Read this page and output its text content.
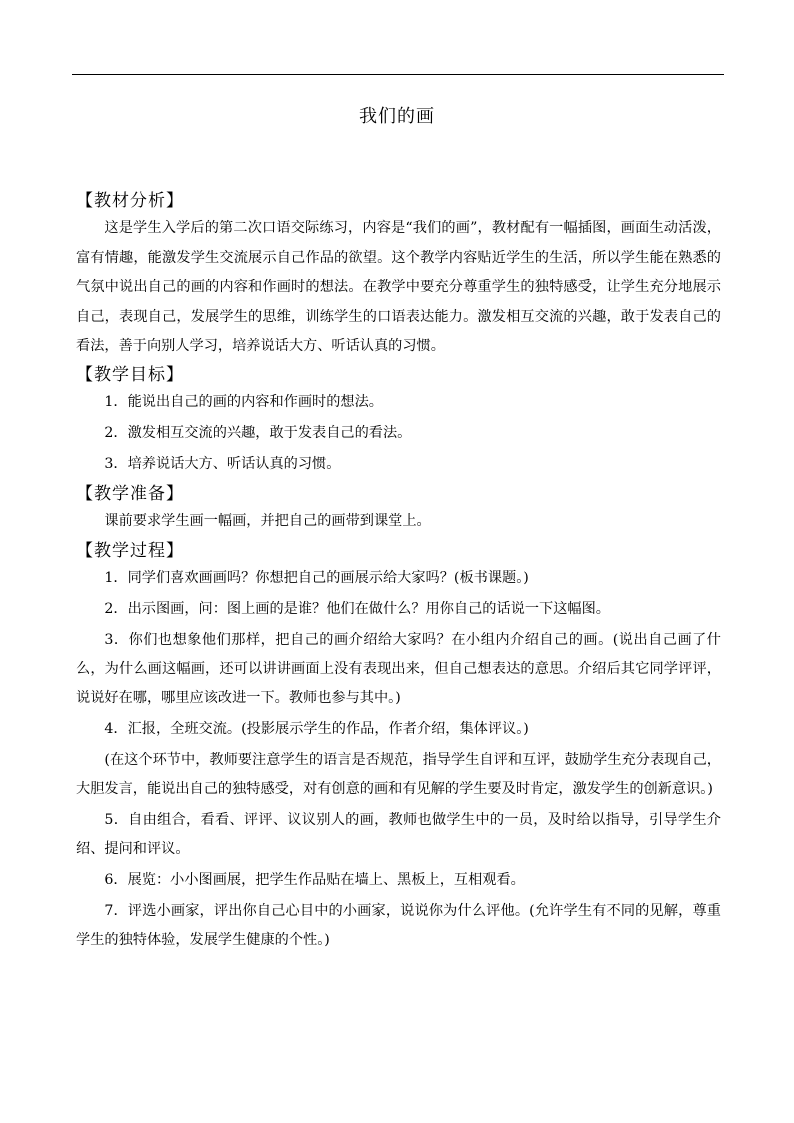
我们的画

【教材分析】

这是学生入学后的第二次口语交际练习，内容是“我们的画”，教材配有一幅插图，画面生动活泼，富有情趣，能激发学生交流展示自己作品的欲望。这个教学内容贴近学生的生活，所以学生能在熟悉的气氛中说出自己的画的内容和作画时的想法。在教学中要充分尊重学生的独特感受，让学生充分地展示自己，表现自己，发展学生的思维，训练学生的口语表达能力。激发相互交流的兴趣，敢于发表自己的看法，善于向别人学习，培养说话大方、听话认真的习惯。

【教学目标】

1．能说出自己的画的内容和作画时的想法。

2．激发相互交流的兴趣，敢于发表自己的看法。

3．培养说话大方、听话认真的习惯。

【教学准备】

课前要求学生画一幅画，并把自己的画带到课堂上。

【教学过程】

1．同学们喜欢画画吗？你想把自己的画展示给大家吗？(板书课题。)

2．出示图画，问：图上画的是谁？他们在做什么？用你自己的话说一下这幅图。

3．你们也想象他们那样，把自己的画介绍给大家吗？在小组内介绍自己的画。(说出自己画了什么，为什么画这幅画，还可以讲讲画面上没有表现出来，但自己想表达的意思。介绍后其它同学评评，说说好在哪，哪里应该改进一下。教师也参与其中。)

4．汇报，全班交流。(投影展示学生的作品，作者介绍，集体评议。)

(在这个环节中，教师要注意学生的语言是否规范，指导学生自评和互评，鼓励学生充分表现自己，大胆发言，能说出自己的独特感受，对有创意的画和有见解的学生要及时肯定，激发学生的创新意识。)

5．自由组合，看看、评评、议议别人的画，教师也做学生中的一员，及时给以指导，引导学生介绍、提问和评议。

6．展览：小小图画展，把学生作品贴在墙上、黑板上，互相观看。

7．评选小画家，评出你自己心目中的小画家，说说你为什么评他。(允许学生有不同的见解，尊重学生的独特体验，发展学生健康的个性。)
